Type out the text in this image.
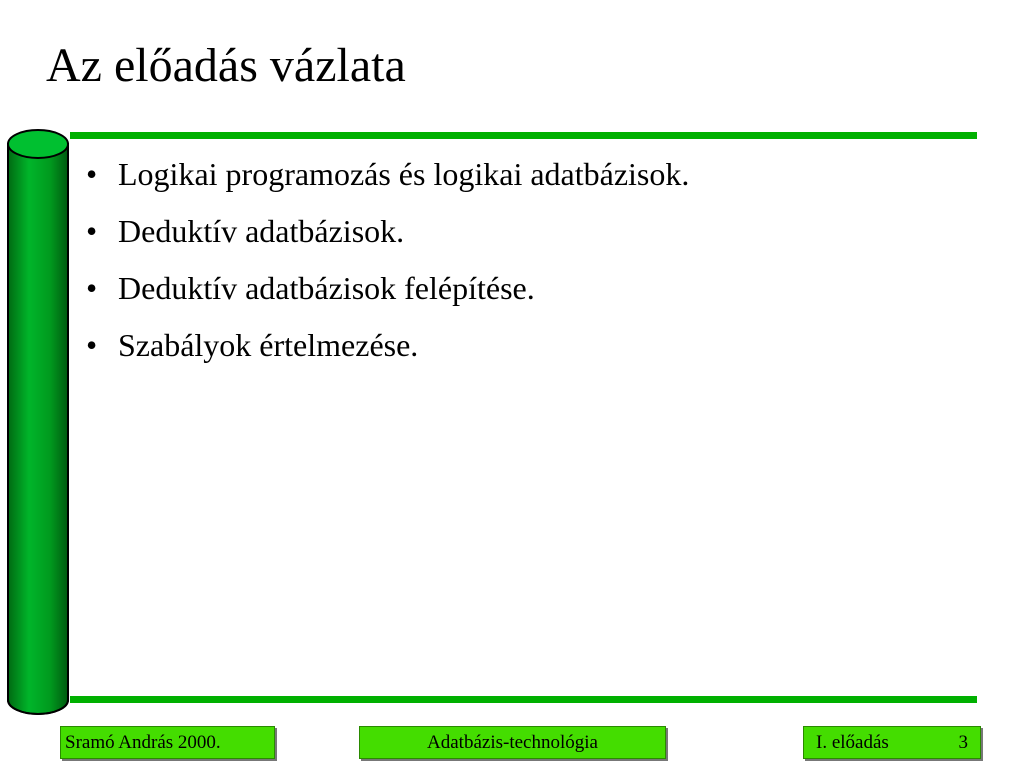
Az előadás vázlata
• Logikai programozás és logikai adatbázisok.
• Deduktív adatbázisok.
• Deduktív adatbázisok felépítése.
• Szabályok értelmezése.
Sramó András 2000.	Adatbázis-technológia	I. előadás	3
